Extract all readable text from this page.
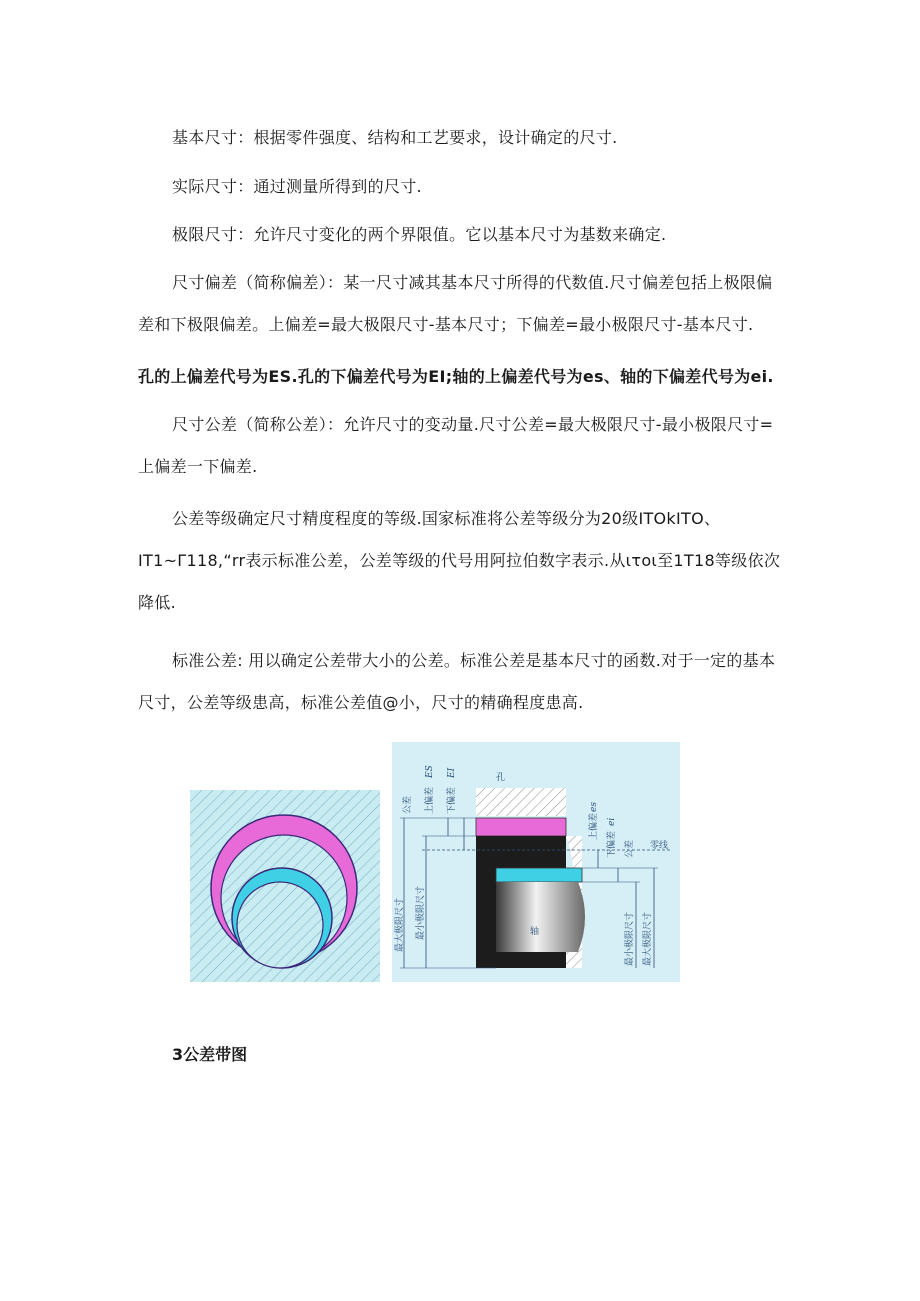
基本尺寸：根据零件强度、结构和工艺要求，设计确定的尺寸.

实际尺寸：通过测量所得到的尺寸.

极限尺寸：允许尺寸变化的两个界限值。它以基本尺寸为基数来确定.

尺寸偏差（简称偏差）：某一尺寸减其基本尺寸所得的代数值.尺寸偏差包括上极限偏差和下极限偏差。上偏差=最大极限尺寸-基本尺寸；下偏差=最小极限尺寸-基本尺寸.

孔的上偏差代号为ES.孔的下偏差代号为EI;轴的上偏差代号为es、轴的下偏差代号为ei.

尺寸公差（简称公差）：允许尺寸的变动量.尺寸公差=最大极限尺寸-最小极限尺寸=上偏差一下偏差.

公差等级确定尺寸精度程度的等级.国家标准将公差等级分为20级ITOkITO、IT1~Γ118,“rr表示标准公差，公差等级的代号用阿拉伯数字表示.从ιτoι至1T18等级依次降低.

标准公差: 用以确定公差带大小的公差。标准公差是基本尺寸的函数.对于一定的基本尺寸，公差等级患高，标准公差值@小，尺寸的精确程度患高.

孔
轴
零线
公差 上偏差
ES
下偏差
EI
最大极限尺寸 最小极限尺寸
上偏差
es
下偏差
ei
公差
最小极限尺寸 最大极限尺寸

3公差带图
